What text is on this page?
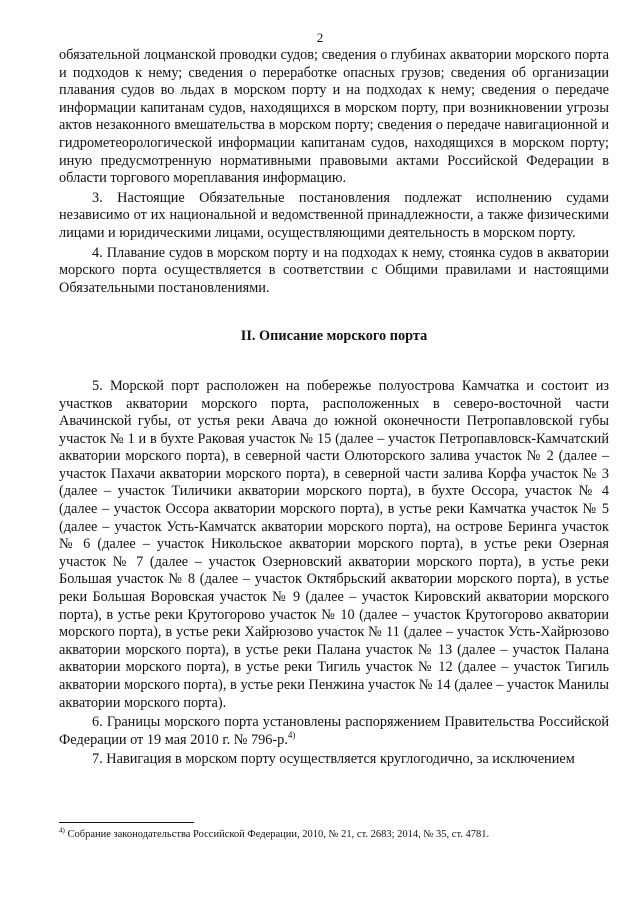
2

обязательной лоцманской проводки судов; сведения о глубинах акватории морского порта и подходов к нему; сведения о переработке опасных грузов; сведения об организации плавания судов во льдах в морском порту и на подходах к нему; сведения о передаче информации капитанам судов, находящихся в морском порту, при возникновении угрозы актов незаконного вмешательства в морском порту; сведения о передаче навигационной и гидрометеорологической информации капитанам судов, находящихся в морском порту; иную предусмотренную нормативными правовыми актами Российской Федерации в области торгового мореплавания информацию.

3. Настоящие Обязательные постановления подлежат исполнению судами независимо от их национальной и ведомственной принадлежности, а также физическими лицами и юридическими лицами, осуществляющими деятельность в морском порту.

4. Плавание судов в морском порту и на подходах к нему, стоянка судов в акватории морского порта осуществляется в соответствии с Общими правилами и настоящими Обязательными постановлениями.

II. Описание морского порта

5. Морской порт расположен на побережье полуострова Камчатка и состоит из участков акватории морского порта, расположенных в северо-восточной части Авачинской губы, от устья реки Авача до южной оконечности Петропавловской губы участок № 1 и в бухте Раковая участок № 15 (далее – участок Петропавловск-Камчатский акватории морского порта), в северной части Олюторского залива участок № 2 (далее – участок Пахачи акватории морского порта), в северной части залива Корфа участок № 3 (далее – участок Тиличики акватории морского порта), в бухте Оссора, участок № 4 (далее – участок Оссора акватории морского порта), в устье реки Камчатка участок № 5 (далее – участок Усть-Камчатск акватории морского порта), на острове Беринга участок № 6 (далее – участок Никольское акватории морского порта), в устье реки Озерная участок № 7 (далее – участок Озерновский акватории морского порта), в устье реки Большая участок № 8 (далее – участок Октябрьский акватории морского порта), в устье реки Большая Воровская участок № 9 (далее – участок Кировский акватории морского порта), в устье реки Крутогорово участок № 10 (далее – участок Крутогорово акватории морского порта), в устье реки Хайрюзово участок № 11 (далее – участок Усть-Хайрюзово акватории морского порта), в устье реки Палана участок № 13 (далее – участок Палана акватории морского порта), в устье реки Тигиль участок № 12 (далее – участок Тигиль акватории морского порта), в устье реки Пенжина участок № 14 (далее – участок Манилы акватории морского порта).

6. Границы морского порта установлены распоряжением Правительства Российской Федерации от 19 мая 2010 г. № 796-р.$^{4)}$

7. Навигация в морском порту осуществляется круглогодично, за исключением

$^{4)}$ Собрание законодательства Российской Федерации, 2010, № 21, ст. 2683; 2014, № 35, ст. 4781.
